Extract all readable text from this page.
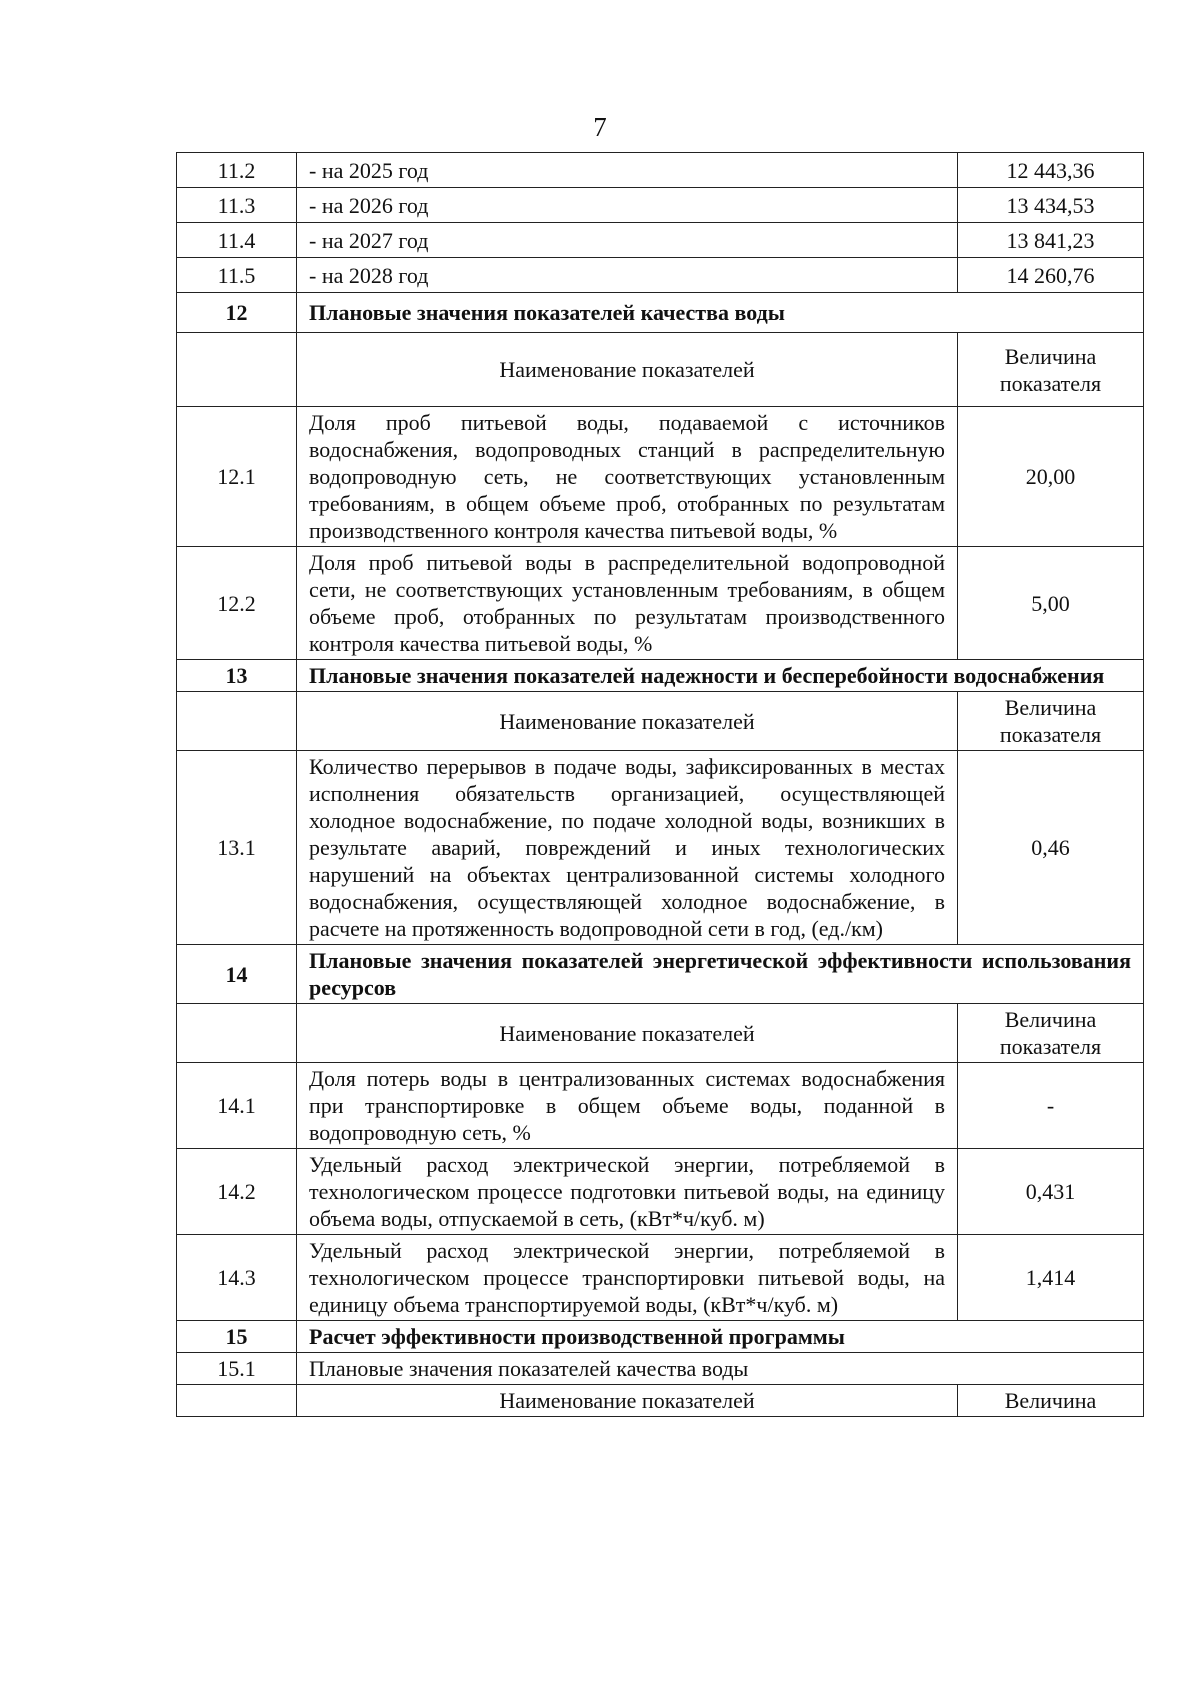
7
11.2	- на 2025 год	12 443,36
11.3	- на 2026 год	13 434,53
11.4	- на 2027 год	13 841,23
11.5	- на 2028 год	14 260,76
12	Плановые значения показателей качества воды	
	Наименование показателей	Величина показателя
12.1	Доля проб питьевой воды, подаваемой с источников водоснабжения, водопроводных станций в распределительную водопроводную сеть, не соответствующих установленным требованиям, в общем объеме проб, отобранных по результатам производственного контроля качества питьевой воды, %	20,00
12.2	Доля проб питьевой воды в распределительной водопроводной сети, не соответствующих установленным требованиям, в общем объеме проб, отобранных по результатам производственного контроля качества питьевой воды, %	5,00
13	Плановые значения показателей надежности и бесперебойности водоснабжения	
	Наименование показателей	Величина показателя
13.1	Количество перерывов в подаче воды, зафиксированных в местах исполнения обязательств организацией, осуществляющей холодное водоснабжение, по подаче холодной воды, возникших в результате аварий, повреждений и иных технологических нарушений на объектах централизованной системы холодного водоснабжения, осуществляющей холодное водоснабжение, в расчете на протяженность водопроводной сети в год, (ед./км)	0,46
14	Плановые значения показателей энергетической эффективности использования ресурсов	
	Наименование показателей	Величина показателя
14.1	Доля потерь воды в централизованных системах водоснабжения при транспортировке в общем объеме воды, поданной в водопроводную сеть, %	-
14.2	Удельный расход электрической энергии, потребляемой в технологическом процессе подготовки питьевой воды, на единицу объема воды, отпускаемой в сеть, (кВт*ч/куб. м)	0,431
14.3	Удельный расход электрической энергии, потребляемой в технологическом процессе транспортировки питьевой воды, на единицу объема транспортируемой воды, (кВт*ч/куб. м)	1,414
15	Расчет эффективности производственной программы	
15.1	Плановые значения показателей качества воды	
	Наименование показателей	Величина
